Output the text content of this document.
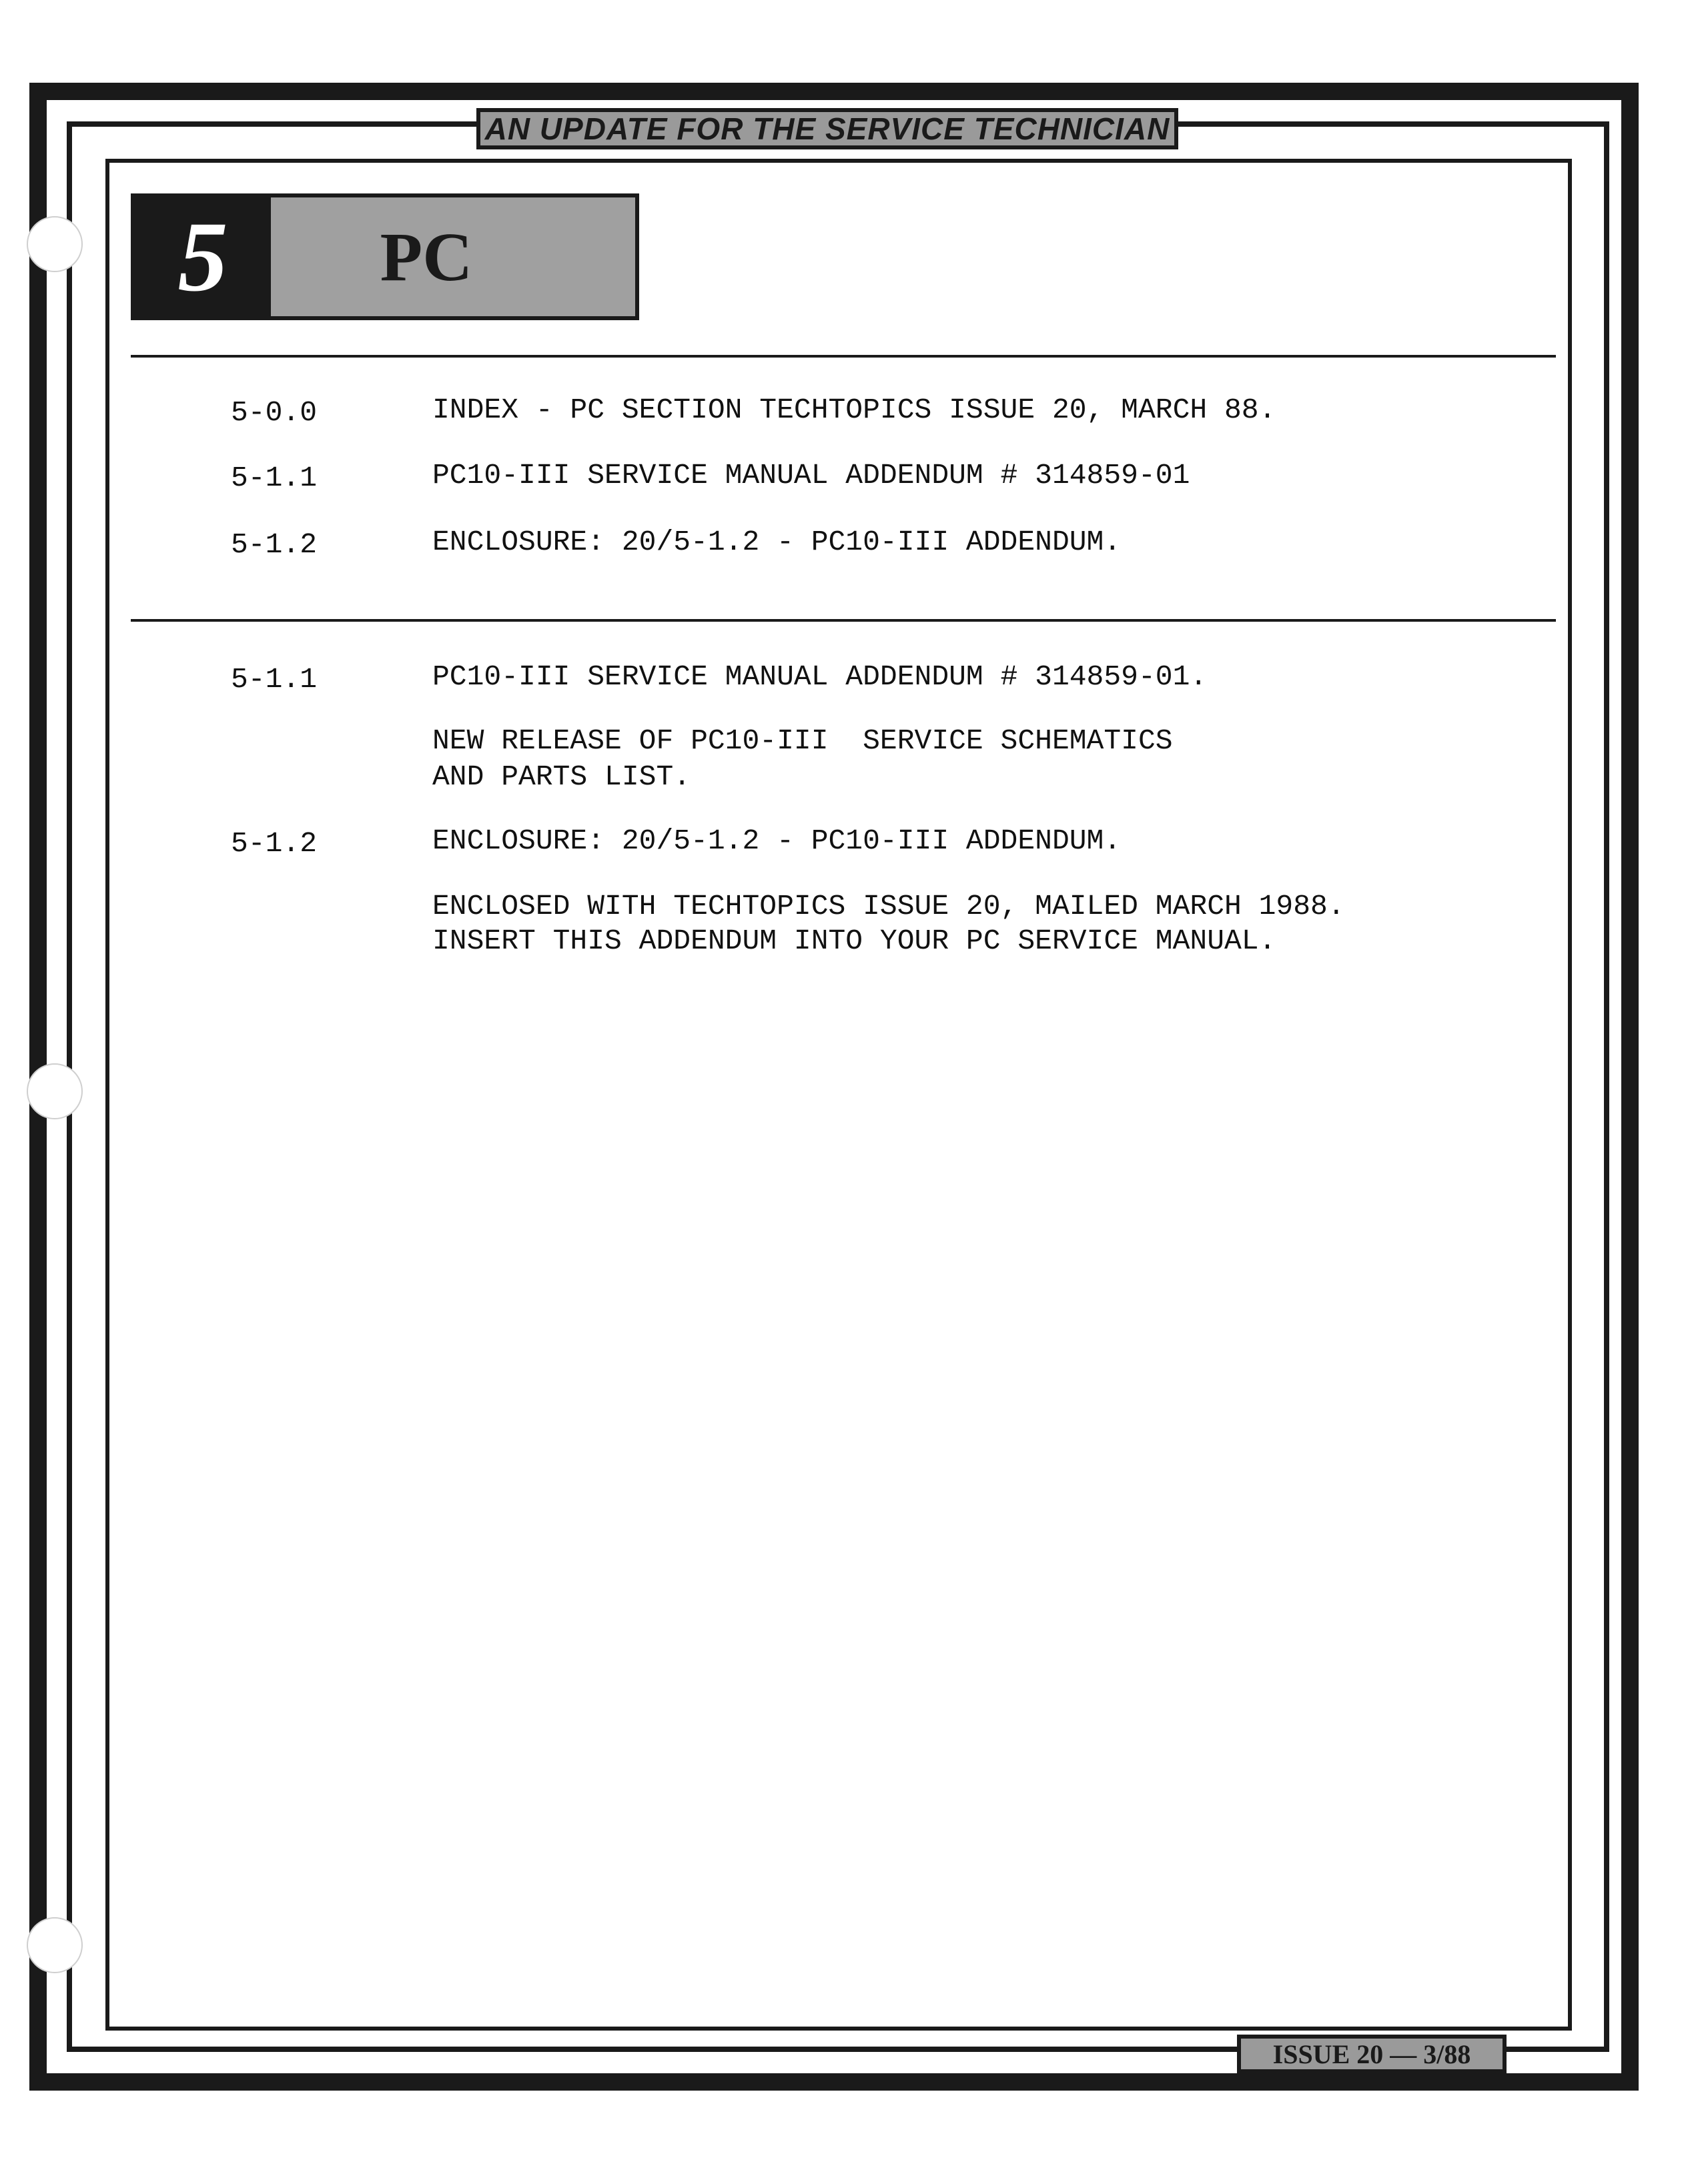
AN UPDATE FOR THE SERVICE TECHNICIAN
5	PC
5-0.0	INDEX - PC SECTION TECHTOPICS ISSUE 20, MARCH 88.
5-1.1	PC10-III SERVICE MANUAL ADDENDUM # 314859-01
5-1.2	ENCLOSURE: 20/5-1.2 - PC10-III ADDENDUM.
5-1.1	PC10-III SERVICE MANUAL ADDENDUM # 314859-01.
NEW RELEASE OF PC10-III  SERVICE SCHEMATICS
AND PARTS LIST.
5-1.2	ENCLOSURE: 20/5-1.2 - PC10-III ADDENDUM.
ENCLOSED WITH TECHTOPICS ISSUE 20, MAILED MARCH 1988.
INSERT THIS ADDENDUM INTO YOUR PC SERVICE MANUAL.
ISSUE 20 — 3/88
